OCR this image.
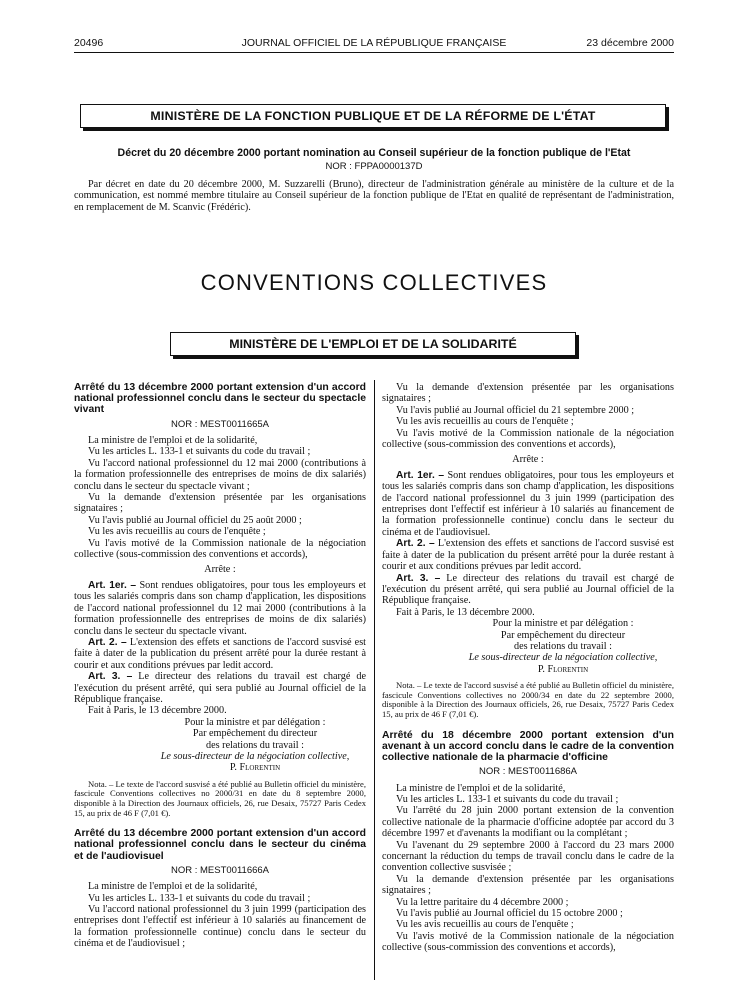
20496	JOURNAL OFFICIEL DE LA RÉPUBLIQUE FRANÇAISE	23 décembre 2000
MINISTÈRE DE LA FONCTION PUBLIQUE ET DE LA RÉFORME DE L'ÉTAT
Décret du 20 décembre 2000 portant nomination au Conseil supérieur de la fonction publique de l'Etat
NOR : FPPA0000137D

Par décret en date du 20 décembre 2000, M. Suzzarelli (Bruno), directeur de l'administration générale au ministère de la culture et de la communication, est nommé membre titulaire au Conseil supérieur de la fonction publique de l'Etat en qualité de représentant de l'administration, en remplacement de M. Scanvic (Frédéric).

CONVENTIONS COLLECTIVES
MINISTÈRE DE L'EMPLOI ET DE LA SOLIDARITÉ
Arrêté du 13 décembre 2000 portant extension d'un accord national professionnel conclu dans le secteur du spectacle vivant
NOR : MEST0011665A

La ministre de l'emploi et de la solidarité,

Vu les articles L. 133-1 et suivants du code du travail ;

Vu l'accord national professionnel du 12 mai 2000 (contributions à la formation professionnelle des entreprises de moins de dix salariés) conclu dans le secteur du spectacle vivant ;

Vu la demande d'extension présentée par les organisations signataires ;

Vu l'avis publié au Journal officiel du 25 août 2000 ;

Vu les avis recueillis au cours de l'enquête ;

Vu l'avis motivé de la Commission nationale de la négociation collective (sous-commission des conventions et accords),

Arrête :

Art. 1er. – Sont rendues obligatoires, pour tous les employeurs et tous les salariés compris dans son champ d'application, les dispositions de l'accord national professionnel du 12 mai 2000 (contributions à la formation professionnelle des entreprises de moins de dix salariés) conclu dans le secteur du spectacle vivant.

Art. 2. – L'extension des effets et sanctions de l'accord susvisé est faite à dater de la publication du présent arrêté pour la durée restant à courir et aux conditions prévues par ledit accord.

Art. 3. – Le directeur des relations du travail est chargé de l'exécution du présent arrêté, qui sera publié au Journal officiel de la République française.

Fait à Paris, le 13 décembre 2000.

Pour la ministre et par délégation :
Par empêchement du directeur
des relations du travail :
Le sous-directeur de la négociation collective,
P. Florentin

Nota. – Le texte de l'accord susvisé a été publié au Bulletin officiel du ministère, fascicule Conventions collectives no 2000/31 en date du 8 septembre 2000, disponible à la Direction des Journaux officiels, 26, rue Desaix, 75727 Paris Cedex 15, au prix de 46 F (7,01 €).

Arrêté du 13 décembre 2000 portant extension d'un accord national professionnel conclu dans le secteur du cinéma et de l'audiovisuel
NOR : MEST0011666A

La ministre de l'emploi et de la solidarité,

Vu les articles L. 133-1 et suivants du code du travail ;

Vu l'accord national professionnel du 3 juin 1999 (participation des entreprises dont l'effectif est inférieur à 10 salariés au financement de la formation professionnelle continue) conclu dans le secteur du cinéma et de l'audiovisuel ;

Vu la demande d'extension présentée par les organisations signataires ;

Vu l'avis publié au Journal officiel du 21 septembre 2000 ;

Vu les avis recueillis au cours de l'enquête ;

Vu l'avis motivé de la Commission nationale de la négociation collective (sous-commission des conventions et accords),

Arrête :

Art. 1er. – Sont rendues obligatoires, pour tous les employeurs et tous les salariés compris dans son champ d'application, les dispositions de l'accord national professionnel du 3 juin 1999 (participation des entreprises dont l'effectif est inférieur à 10 salariés au financement de la formation professionnelle continue) conclu dans le secteur du cinéma et de l'audiovisuel.

Art. 2. – L'extension des effets et sanctions de l'accord susvisé est faite à dater de la publication du présent arrêté pour la durée restant à courir et aux conditions prévues par ledit accord.

Art. 3. – Le directeur des relations du travail est chargé de l'exécution du présent arrêté, qui sera publié au Journal officiel de la République française.

Fait à Paris, le 13 décembre 2000.

Pour la ministre et par délégation :
Par empêchement du directeur
des relations du travail :
Le sous-directeur de la négociation collective,
P. Florentin

Nota. – Le texte de l'accord susvisé a été publié au Bulletin officiel du ministère, fascicule Conventions collectives no 2000/34 en date du 22 septembre 2000, disponible à la Direction des Journaux officiels, 26, rue Desaix, 75727 Paris Cedex 15, au prix de 46 F (7,01 €).

Arrêté du 18 décembre 2000 portant extension d'un avenant à un accord conclu dans le cadre de la convention collective nationale de la pharmacie d'officine
NOR : MEST0011686A

La ministre de l'emploi et de la solidarité,

Vu les articles L. 133-1 et suivants du code du travail ;

Vu l'arrêté du 28 juin 2000 portant extension de la convention collective nationale de la pharmacie d'officine adoptée par accord du 3 décembre 1997 et d'avenants la modifiant ou la complétant ;

Vu l'avenant du 29 septembre 2000 à l'accord du 23 mars 2000 concernant la réduction du temps de travail conclu dans le cadre de la convention collective susvisée ;

Vu la demande d'extension présentée par les organisations signataires ;

Vu la lettre paritaire du 4 décembre 2000 ;

Vu l'avis publié au Journal officiel du 15 octobre 2000 ;

Vu les avis recueillis au cours de l'enquête ;

Vu l'avis motivé de la Commission nationale de la négociation collective (sous-commission des conventions et accords),
